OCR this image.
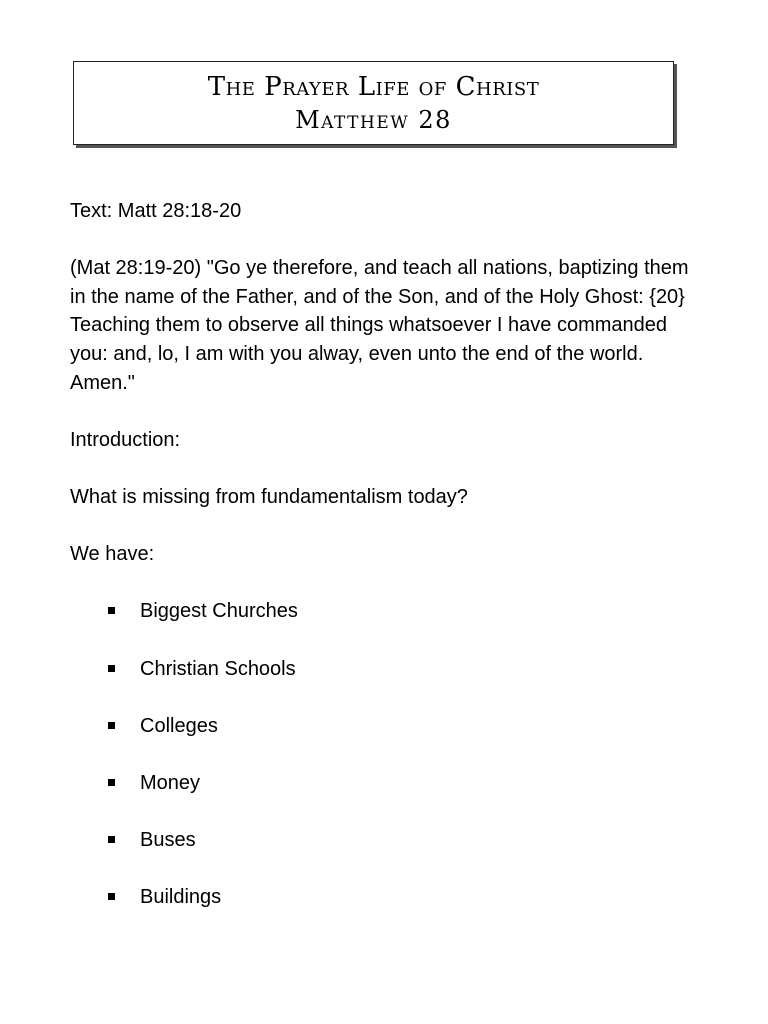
The Prayer Life of Christ
Matthew 28

Text: Matt 28:18-20

(Mat 28:19-20) "Go ye therefore, and teach all nations, baptizing them in the name of the Father, and of the Son, and of the Holy Ghost: {20} Teaching them to observe all things whatsoever I have commanded you: and, lo, I am with you alway, even unto the end of the world. Amen."

Introduction:

What is missing from fundamentalism today?

We have:

Biggest Churches
Christian Schools
Colleges
Money
Buses
Buildings
